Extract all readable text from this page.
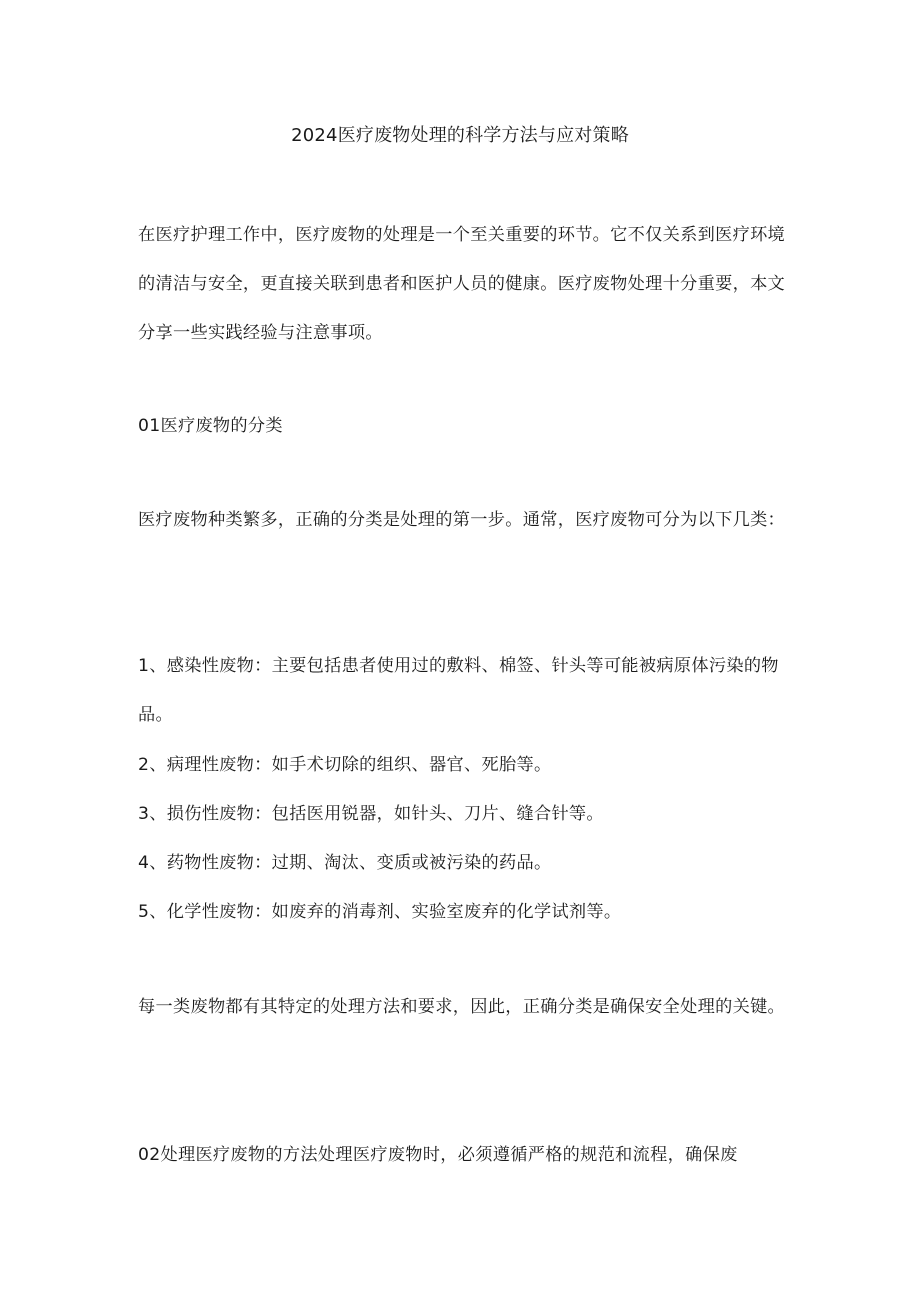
2024医疗废物处理的科学方法与应对策略

在医疗护理工作中，医疗废物的处理是一个至关重要的环节。它不仅关系到医疗环境的清洁与安全，更直接关联到患者和医护人员的健康。医疗废物处理十分重要，本文分享一些实践经验与注意事项。

01医疗废物的分类

医疗废物种类繁多，正确的分类是处理的第一步。通常，医疗废物可分为以下几类：

1、感染性废物：主要包括患者使用过的敷料、棉签、针头等可能被病原体污染的物品。

2、病理性废物：如手术切除的组织、器官、死胎等。

3、损伤性废物：包括医用锐器，如针头、刀片、缝合针等。

4、药物性废物：过期、淘汰、变质或被污染的药品。

5、化学性废物：如废弃的消毒剂、实验室废弃的化学试剂等。

每一类废物都有其特定的处理方法和要求，因此，正确分类是确保安全处理的关键。

02处理医疗废物的方法处理医疗废物时，必须遵循严格的规范和流程，确保废
